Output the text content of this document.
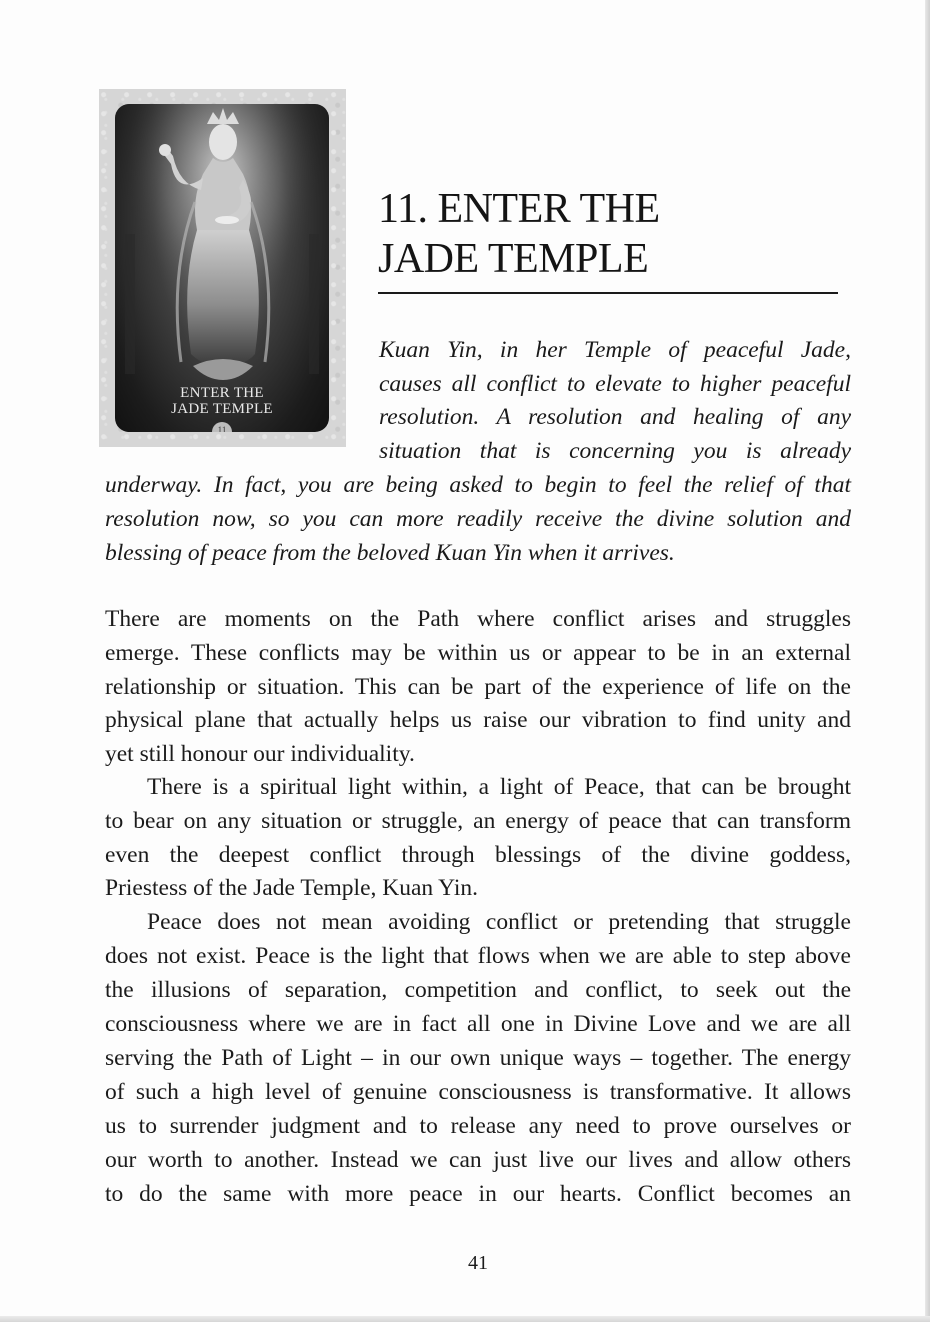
ENTER THE
JADE TEMPLE
11
11. ENTER THE
JADE TEMPLE
Kuan Yin, in her Temple of peaceful Jade,
causes all conflict to elevate to higher peaceful
resolution. A resolution and healing of any
situation that is concerning you is already
underway. In fact, you are being asked to begin to feel the relief of that
resolution now, so you can more readily receive the divine solution and
blessing of peace from the beloved Kuan Yin when it arrives.
There are moments on the Path where conflict arises and struggles
emerge. These conflicts may be within us or appear to be in an external
relationship or situation. This can be part of the experience of life on the
physical plane that actually helps us raise our vibration to find unity and
yet still honour our individuality.
There is a spiritual light within, a light of Peace, that can be brought
to bear on any situation or struggle, an energy of peace that can transform
even the deepest conflict through blessings of the divine goddess,
Priestess of the Jade Temple, Kuan Yin.
Peace does not mean avoiding conflict or pretending that struggle
does not exist. Peace is the light that flows when we are able to step above
the illusions of separation, competition and conflict, to seek out the
consciousness where we are in fact all one in Divine Love and we are all
serving the Path of Light – in our own unique ways – together. The energy
of such a high level of genuine consciousness is transformative. It allows
us to surrender judgment and to release any need to prove ourselves or
our worth to another. Instead we can just live our lives and allow others
to do the same with more peace in our hearts. Conflict becomes an
41
